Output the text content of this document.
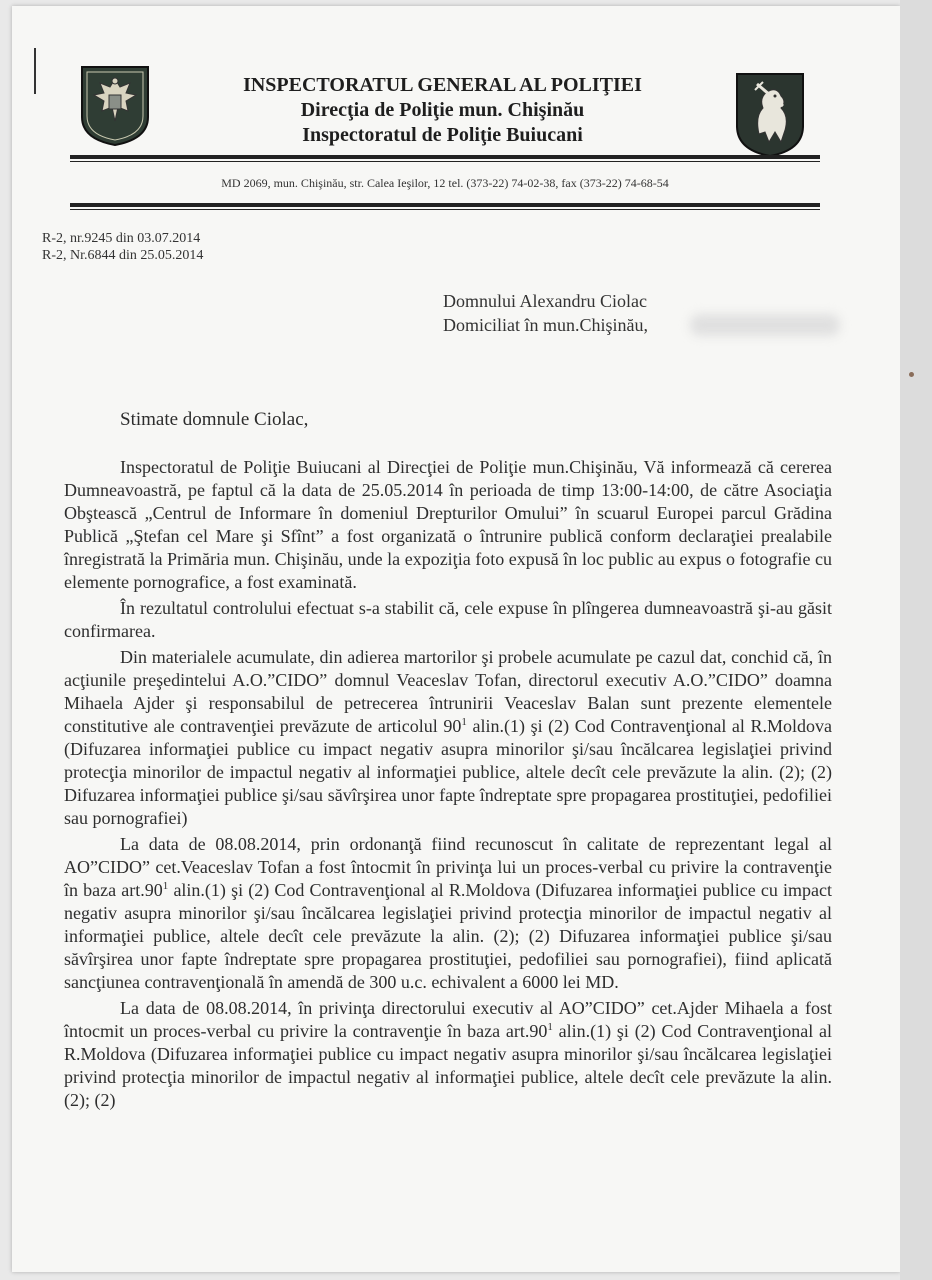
INSPECTORATUL GENERAL AL POLIŢIEI
Direcţia de Poliţie mun. Chişinău
Inspectoratul de Poliţie Buiucani
MD 2069, mun. Chişinău, str. Calea Ieşilor, 12 tel. (373-22) 74-02-38, fax (373-22) 74-68-54
R-2, nr.9245 din 03.07.2014
R-2, Nr.6844 din 25.05.2014
Domnului Alexandru Ciolac
Domiciliat în mun.Chişinău,
Stimate domnule Ciolac,

Inspectoratul de Poliţie Buiucani al Direcţiei de Poliţie mun.Chişinău, Vă informează că cererea Dumneavoastră, pe faptul că la data de 25.05.2014 în perioada de timp 13:00-14:00, de către Asociaţia Obştească „Centrul de Informare în domeniul Drepturilor Omului” în scuarul Europei parcul Grădina Publică „Ştefan cel Mare şi Sfînt” a fost organizată o întrunire publică conform declaraţiei prealabile înregistrată la Primăria mun. Chişinău, unde la expoziţia foto expusă în loc public au expus o fotografie cu elemente pornografice, a fost examinată.

În rezultatul controlului efectuat s-a stabilit că, cele expuse în plîngerea dumneavoastră şi-au găsit confirmarea.

Din materialele acumulate, din adierea martorilor şi probele acumulate pe cazul dat, conchid că, în acţiunile preşedintelui A.O.”CIDO” domnul Veaceslav Tofan, directorul executiv A.O.”CIDO” doamna Mihaela Ajder şi responsabilul de petrecerea întrunirii Veaceslav Balan sunt prezente elementele constitutive ale contravenţiei prevăzute de articolul $90^1$ alin.(1) şi (2) Cod Contravenţional al R.Moldova (Difuzarea informaţiei publice cu impact negativ asupra minorilor şi/sau încălcarea legislaţiei privind protecţia minorilor de impactul negativ al informaţiei publice, altele decît cele prevăzute la alin. (2); (2) Difuzarea informaţiei publice şi/sau săvîrşirea unor fapte îndreptate spre propagarea prostituţiei, pedofiliei sau pornografiei)

La data de 08.08.2014, prin ordonanţă fiind recunoscut în calitate de reprezentant legal al AO”CIDO” cet.Veaceslav Tofan a fost întocmit în privinţa lui un proces-verbal cu privire la contravenţie în baza $art.90^1$ alin.(1) şi (2) Cod Contravenţional al R.Moldova (Difuzarea informaţiei publice cu impact negativ asupra minorilor şi/sau încălcarea legislaţiei privind protecţia minorilor de impactul negativ al informaţiei publice, altele decît cele prevăzute la alin. (2); (2) Difuzarea informaţiei publice şi/sau săvîrşirea unor fapte îndreptate spre propagarea prostituţiei, pedofiliei sau pornografiei), fiind aplicată sancţiunea contravenţională în amendă de 300 u.c. echivalent a 6000 lei MD.

La data de 08.08.2014, în privinţa directorului executiv al AO”CIDO” cet.Ajder Mihaela a fost întocmit un proces-verbal cu privire la contravenţie în baza $art.90^1$ alin.(1) şi (2) Cod Contravenţional al R.Moldova (Difuzarea informaţiei publice cu impact negativ asupra minorilor şi/sau încălcarea legislaţiei privind protecţia minorilor de impactul negativ al informaţiei publice, altele decît cele prevăzute la alin. (2); (2)
